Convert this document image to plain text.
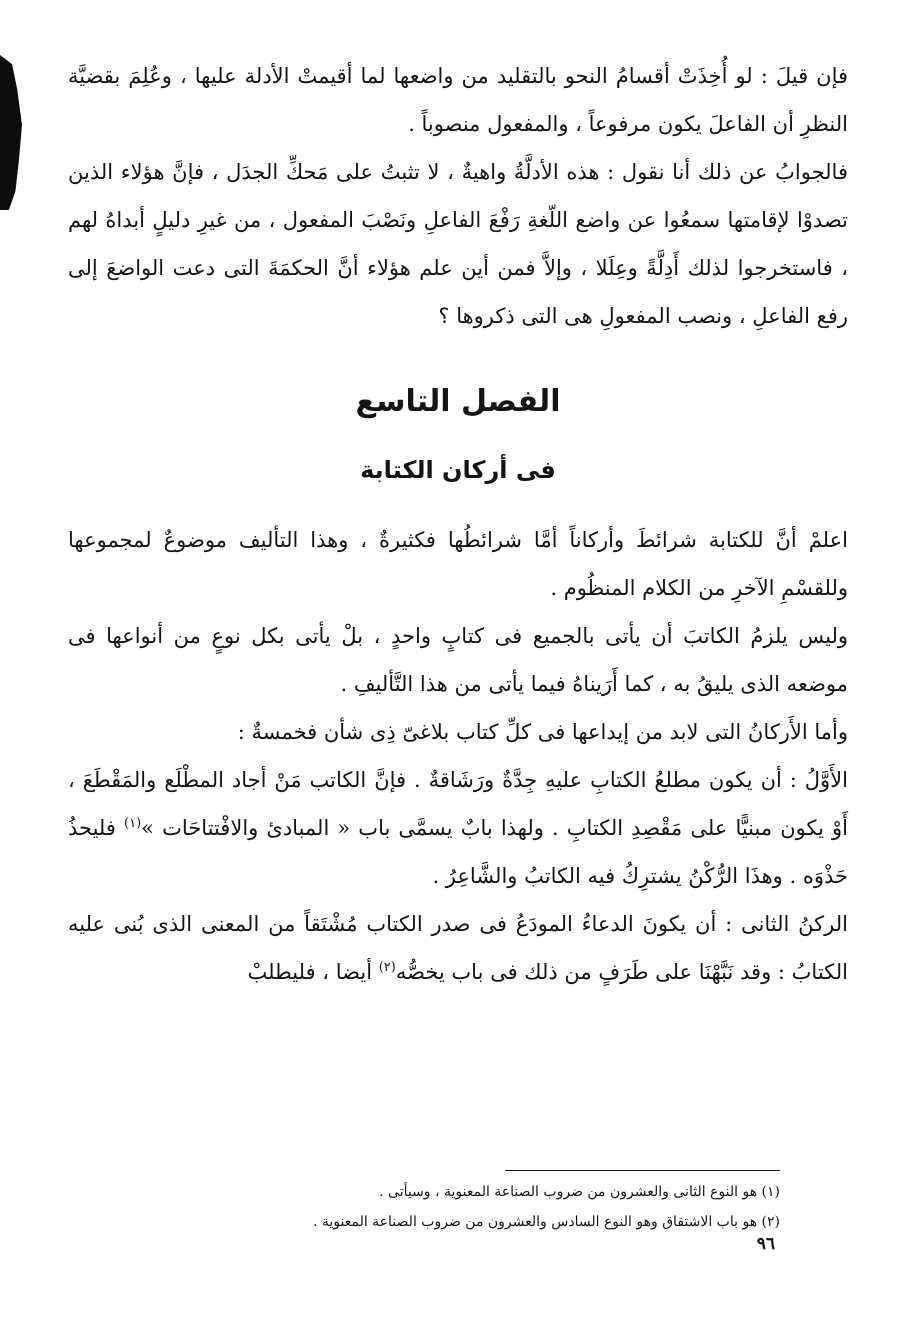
فإن قيلَ : لو أُخِذَتْ أقسامُ النحو بالتقليد من واضعها لما أقيمتْ الأدلة عليها ، وعُلِمَ بقضيَّة النظرِ أن الفاعلَ يكون مرفوعاً ، والمفعول منصوباً .

فالجوابُ عن ذلك أنا نقول : هذه الأدلَّةُ واهيةٌ ، لا تثبتُ على مَحكِّ الجدَل ، فإنَّ هؤلاء الذين تصدوْا لإقامتها سمعُوا عن واضع اللّغةِ رَفْعَ الفاعلِ ونَصْبَ المفعول ، من غيرِ دليلٍ أبداهُ لهم ، فاستخرجوا لذلك أَدِلَّةً وعِلَلا ، وإلاَّ فمن أين علم هؤلاء أنَّ الحكمَةَ التى دعت الواضعَ إلى رفع الفاعلِ ، ونصب المفعولِ هى التى ذكروها ؟

الفصل التاسع
فى أركان الكتابة

اعلمْ أنَّ للكتابة شرائطَ وأركاناً أمَّا شرائطُها فكثيرةٌ ، وهذا التأليف موضوعٌ لمجموعها وللقسْمِ الآخرِ من الكلام المنظُوم .

وليس يلزمُ الكاتبَ أن يأتى بالجميع فى كتابٍ واحدٍ ، بلْ يأتى بكل نوعٍ من أنواعها فى موضعه الذى يليقُ به ، كما أَرَيناهُ فيما يأتى من هذا التَّأليفِ .

وأما الأَركانُ التى لابد من إيداعها فى كلِّ كتاب بلاغىّ ذِى شأن فخمسةٌ :

الأَوَّلُ : أن يكون مطلعُ الكتابِ عليهِ جِدَّةٌ ورَشَاقةٌ . فإنَّ الكاتب مَنْ أجاد المطْلَع والمَقْطَعَ ، أَوْ يكون مبنيًّا على مَقْصِدِ الكتابِ . ولهذا بابٌ يسمَّى باب « المبادئ والافْتتاحَات »$^{(١)}$ فليحذُ حَذْوَه . وهذَا الرُّكْنُ يشترِكُ فيه الكاتبُ والشَّاعِرُ .

الركنُ الثانى : أن يكونَ الدعاءُ المودَعُ فى صدر الكتاب مُشْتَقاً من المعنى الذى بُنى عليه الكتابُ : وقد نَبَّهْنَا على طَرَفٍ من ذلك فى باب يخصُّه$^{(٢)}$ أيضا ، فليطلبْ

(١) هو النوع الثانى والعشرون من ضروب الصناعة المعنوية ، وسيأتى .

(٢) هو باب الاشتقاق وهو النوع السادس والعشرون من ضروب الصناعة المعنوية .

٩٦
